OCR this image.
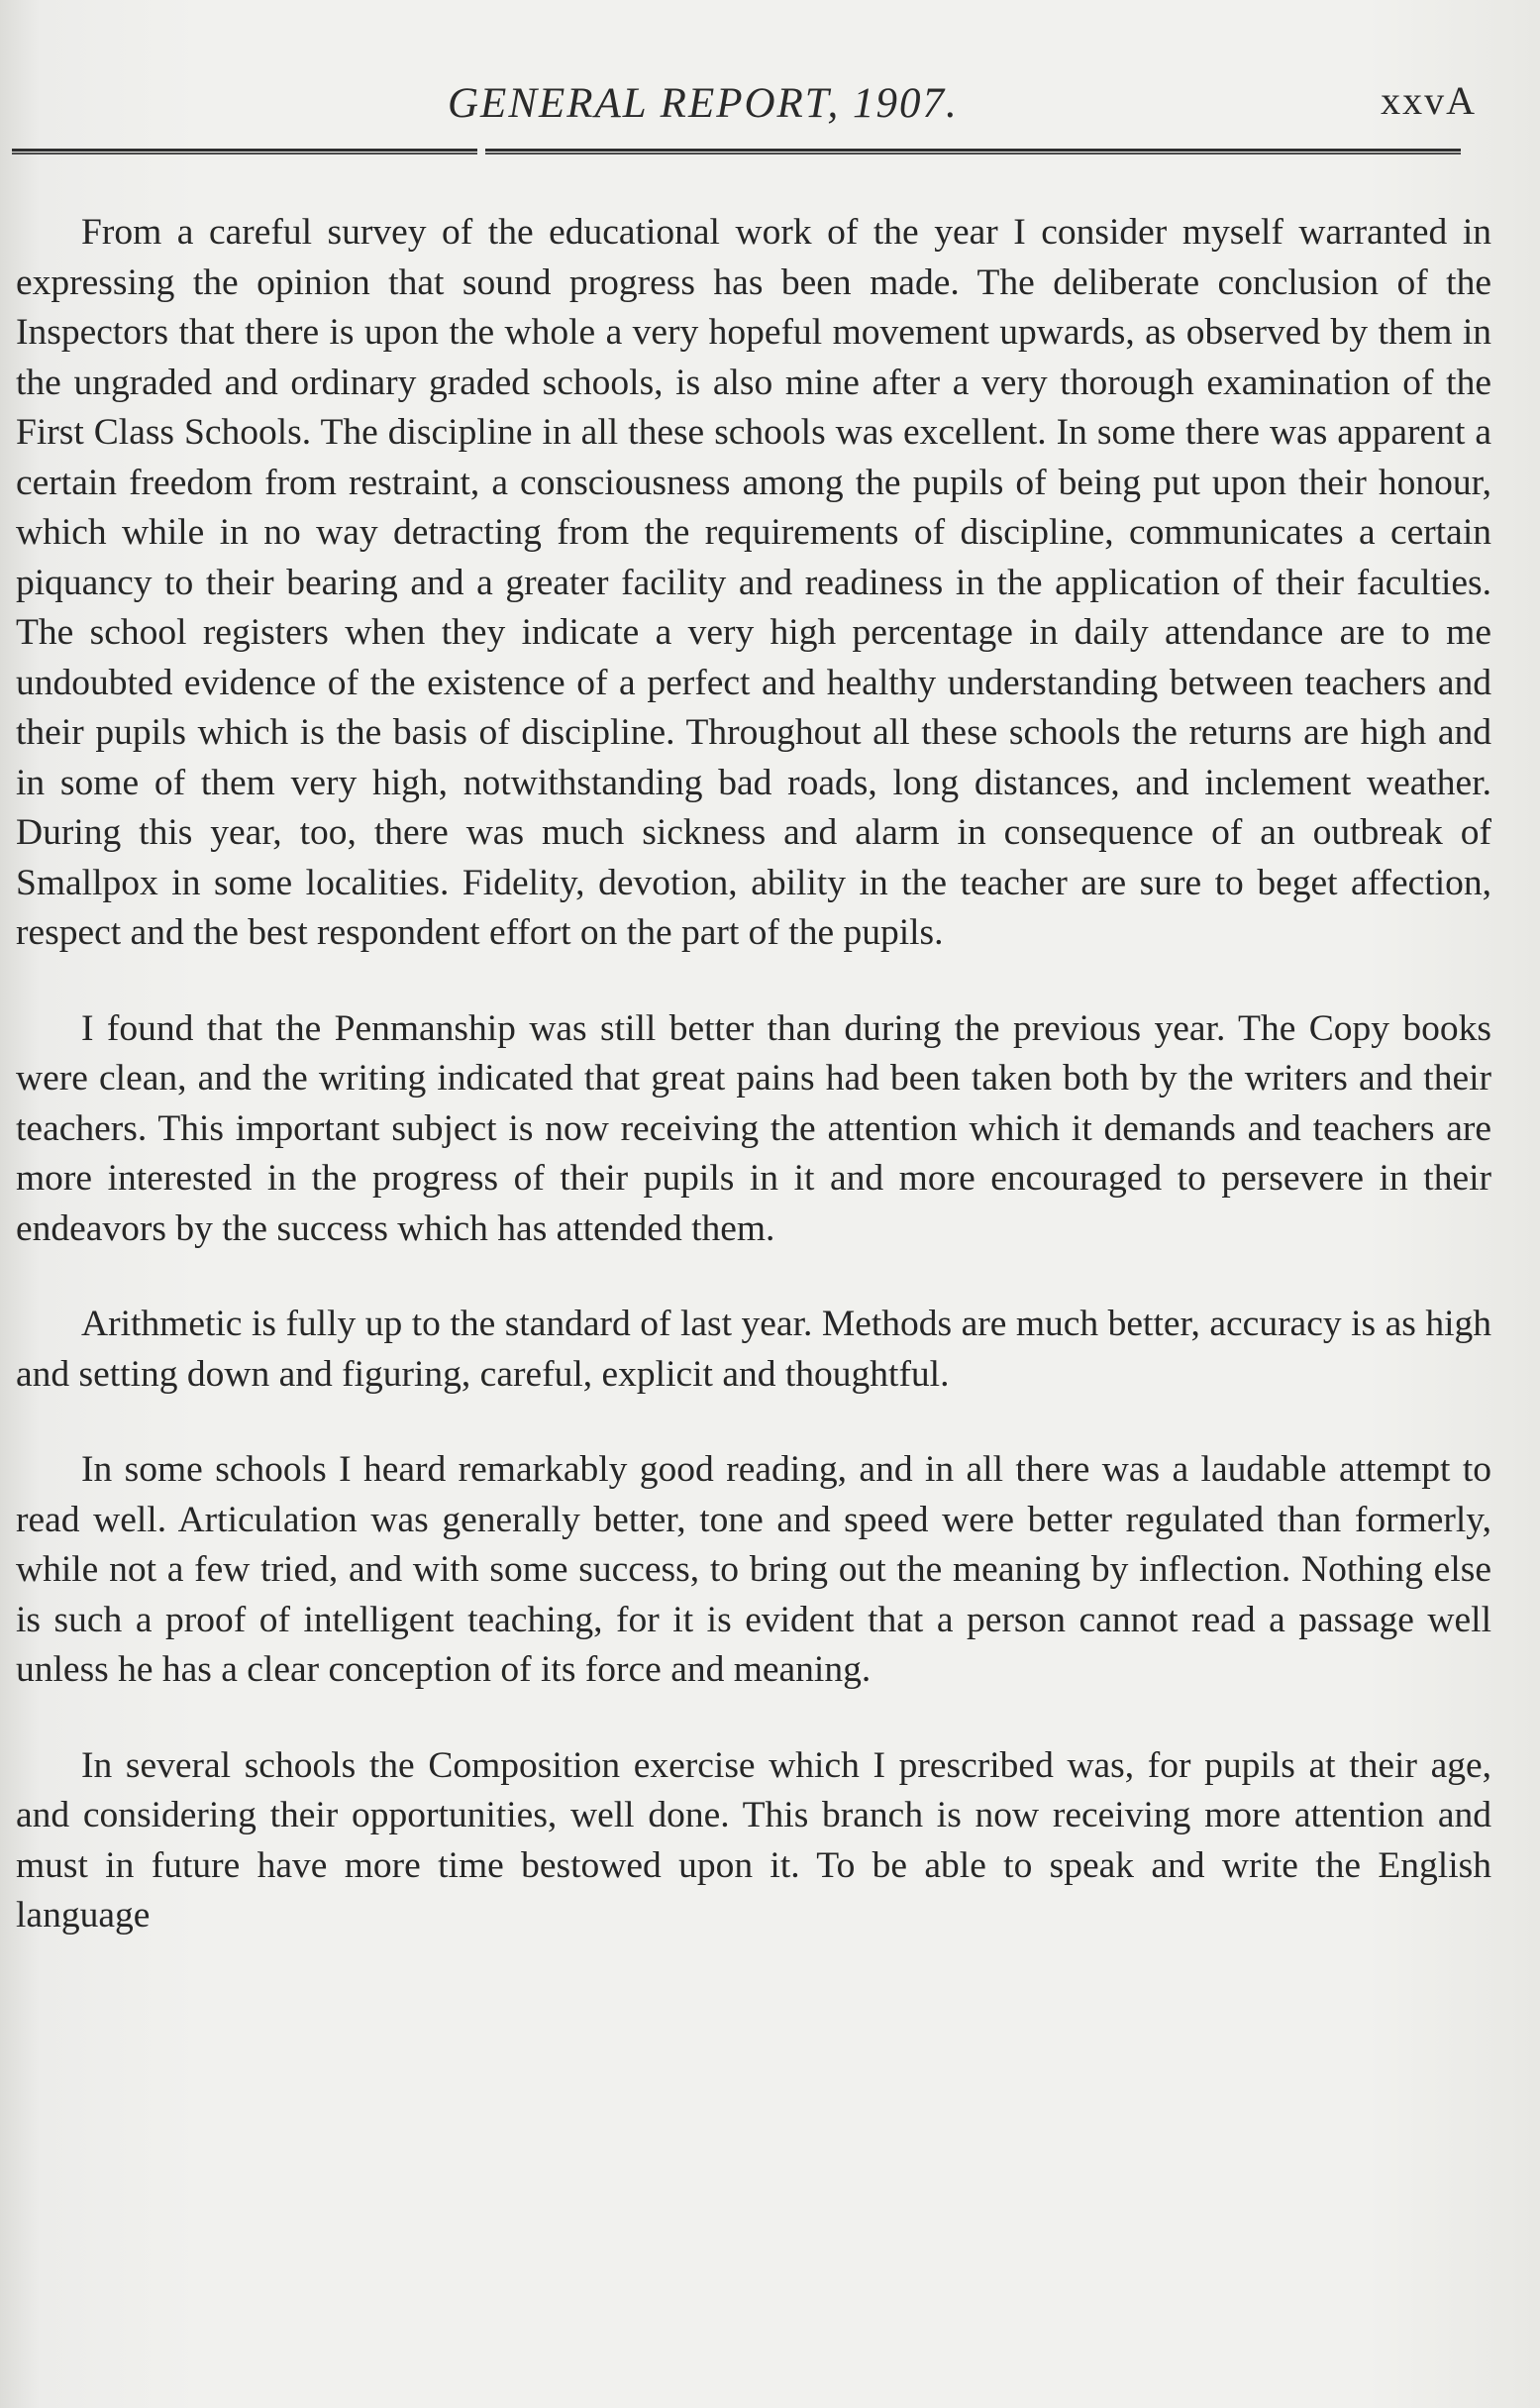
GENERAL REPORT, 1907.	xxvA

From a careful survey of the educational work of the year I consider myself warranted in expressing the opinion that sound progress has been made. The deliberate conclusion of the Inspectors that there is upon the whole a very hopeful movement upwards, as observed by them in the ungraded and ordinary graded schools, is also mine after a very thorough examination of the First Class Schools. The discipline in all these schools was excellent. In some there was apparent a certain freedom from restraint, a consciousness among the pupils of being put upon their honour, which while in no way detracting from the requirements of discipline, communicates a certain piquancy to their bearing and a greater facility and readiness in the application of their faculties. The school registers when they indicate a very high percentage in daily attendance are to me undoubted evidence of the existence of a perfect and healthy understanding between teachers and their pupils which is the basis of discipline. Throughout all these schools the returns are high and in some of them very high, notwithstanding bad roads, long distances, and inclement weather. During this year, too, there was much sickness and alarm in consequence of an outbreak of Smallpox in some localities. Fidelity, devotion, ability in the teacher are sure to beget affection, respect and the best respondent effort on the part of the pupils.

I found that the Penmanship was still better than during the previous year. The Copy books were clean, and the writing indicated that great pains had been taken both by the writers and their teachers. This important subject is now receiving the attention which it demands and teachers are more interested in the progress of their pupils in it and more encouraged to persevere in their endeavors by the success which has attended them.

Arithmetic is fully up to the standard of last year. Methods are much better, accuracy is as high and setting down and figuring, careful, explicit and thoughtful.

In some schools I heard remarkably good reading, and in all there was a laudable attempt to read well. Articulation was generally better, tone and speed were better regulated than formerly, while not a few tried, and with some success, to bring out the meaning by inflection. Nothing else is such a proof of intelligent teaching, for it is evident that a person cannot read a passage well unless he has a clear conception of its force and meaning.

In several schools the Composition exercise which I prescribed was, for pupils at their age, and considering their opportunities, well done. This branch is now receiving more attention and must in future have more time bestowed upon it. To be able to speak and write the English language
